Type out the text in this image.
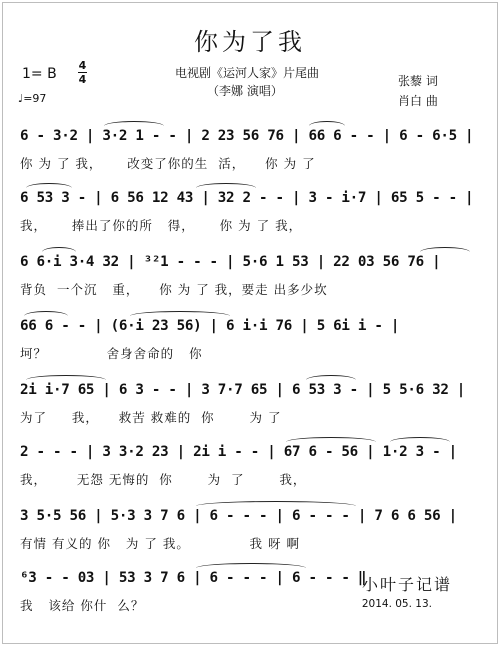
你为了我
电视剧《运河人家》片尾曲
（李娜 演唱）
1= B
4
4
♩=97
张藜 词
肖白 曲
6 - 3·2 | 3·2 1 - - | 2 23 56 76 | 66 6 - - | 6 - 6·5 |
你 为 了 我，     改变了你的生  活，    你 为 了
6 53 3 - | 6 56 12 43 | 32 2 - - | 3 - i·7 | 65 5 - - |
我，     捧出了你的所   得，     你 为 了 我，
6 6·i 3·4 32 | ³²1 - - - | 5·6 1 53 | 22 03 56 76 |
背负  一个沉   重，    你 为 了 我，要走 出多少坎
66 6 - - | (6·i 23 56) | 6 i·i 76 | 5 6i i - |
坷？            舍身舍命的   你
2i i·7 65 | 6 3 - - | 3 7·7 65 | 6 53 3 - | 5 5·6 32 |
为了     我，    救苦 救难的  你       为 了
2 - - - | 3 3·2 23 | 2i i - - | 67 6 - 56 | 1·2 3 - |
我，      无怨 无悔的  你       为  了       我，
3 5·5 56 | 5·3 3 7 6 | 6 - - - | 6 - - - | 7 6 6 56 |
有情 有义的 你   为 了 我。            我 呀 啊
⁶3 - - 03 | 53 3 7 6 | 6 - - - | 6 - - - ‖
我   该给 你什  么？
小叶子记谱
2014. 05. 13.
